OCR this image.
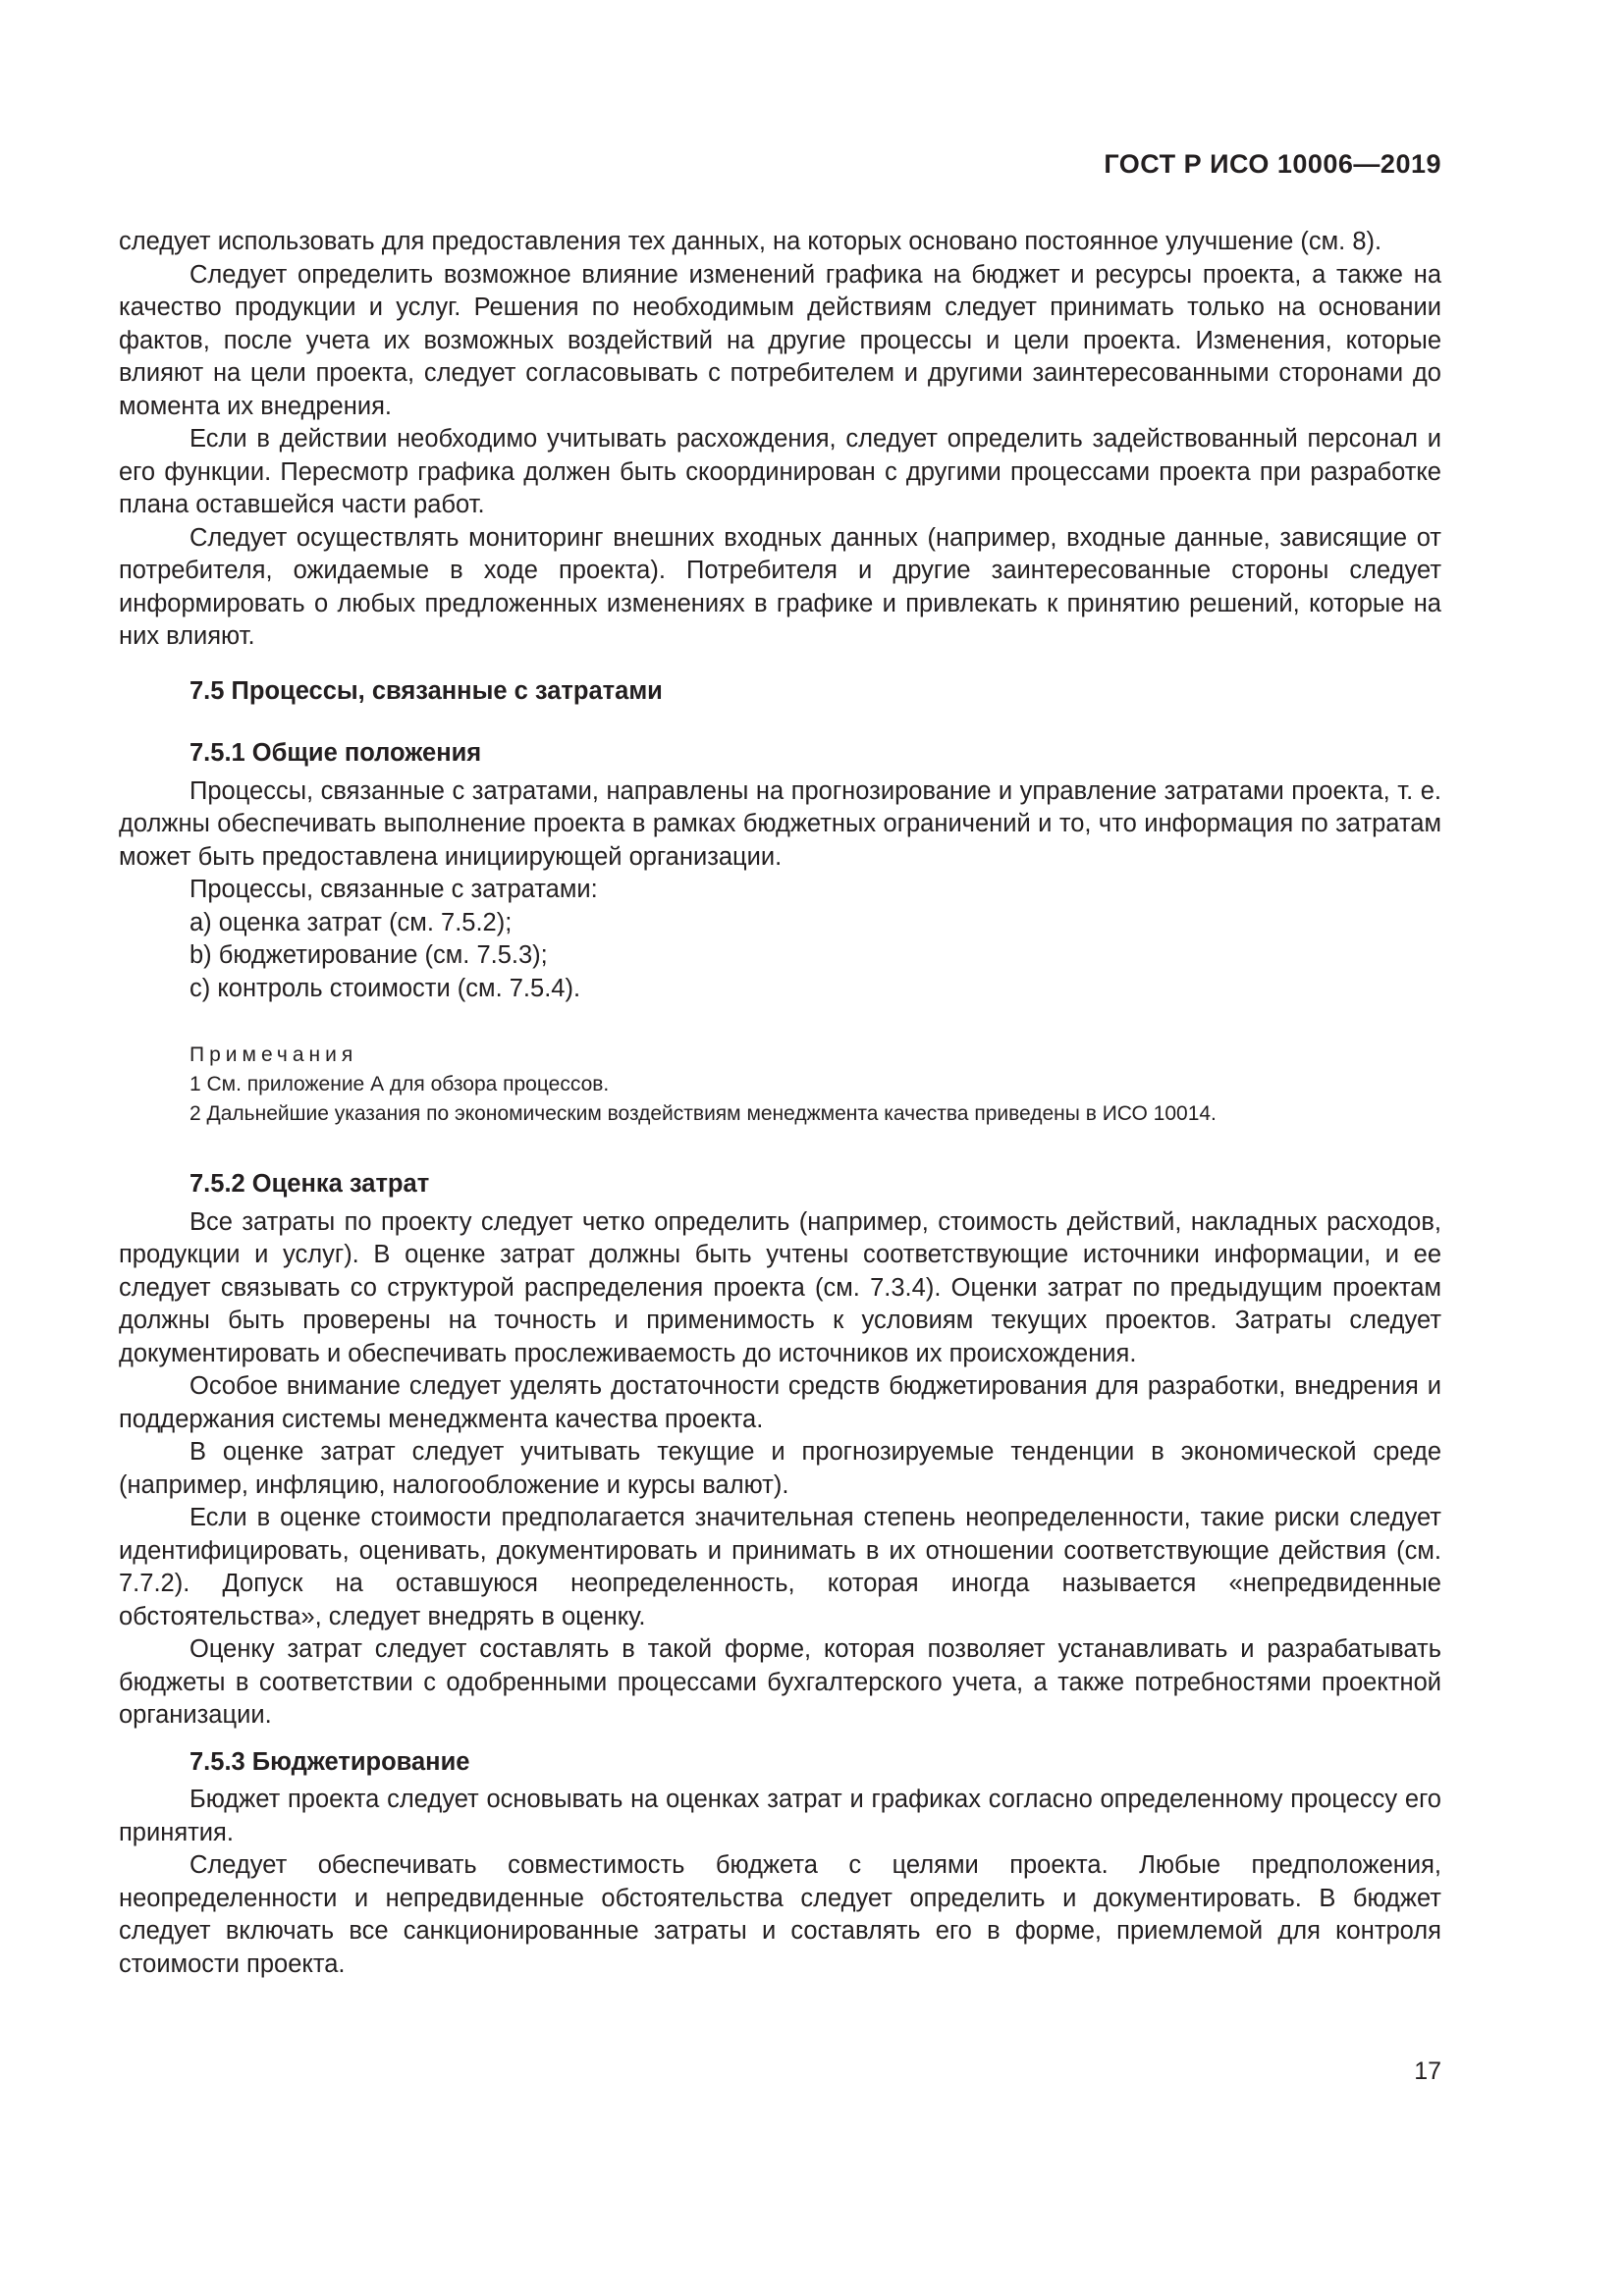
ГОСТ Р ИСО 10006—2019

следует использовать для предоставления тех данных, на которых основано постоянное улучшение (см. 8).

Следует определить возможное влияние изменений графика на бюджет и ресурсы проекта, а также на качество продукции и услуг. Решения по необходимым действиям следует принимать только на основании фактов, после учета их возможных воздействий на другие процессы и цели проекта. Изменения, которые влияют на цели проекта, следует согласовывать с потребителем и другими заинтересованными сторонами до момента их внедрения.

Если в действии необходимо учитывать расхождения, следует определить задействованный персонал и его функции. Пересмотр графика должен быть скоординирован с другими процессами проекта при разработке плана оставшейся части работ.

Следует осуществлять мониторинг внешних входных данных (например, входные данные, зависящие от потребителя, ожидаемые в ходе проекта). Потребителя и другие заинтересованные стороны следует информировать о любых предложенных изменениях в графике и привлекать к принятию решений, которые на них влияют.

7.5 Процессы, связанные с затратами
7.5.1 Общие положения

Процессы, связанные с затратами, направлены на прогнозирование и управление затратами проекта, т. е. должны обеспечивать выполнение проекта в рамках бюджетных ограничений и то, что информация по затратам может быть предоставлена инициирующей организации.

Процессы, связанные с затратами:

a) оценка затрат (см. 7.5.2);

b) бюджетирование (см. 7.5.3);

c) контроль стоимости (см. 7.5.4).

Примечания
1 См. приложение А для обзора процессов.
2 Дальнейшие указания по экономическим воздействиям менеджмента качества приведены в ИСО 10014.
7.5.2 Оценка затрат

Все затраты по проекту следует четко определить (например, стоимость действий, накладных расходов, продукции и услуг). В оценке затрат должны быть учтены соответствующие источники информации, и ее следует связывать со структурой распределения проекта (см. 7.3.4). Оценки затрат по предыдущим проектам должны быть проверены на точность и применимость к условиям текущих проектов. Затраты следует документировать и обеспечивать прослеживаемость до источников их происхождения.

Особое внимание следует уделять достаточности средств бюджетирования для разработки, внедрения и поддержания системы менеджмента качества проекта.

В оценке затрат следует учитывать текущие и прогнозируемые тенденции в экономической среде (например, инфляцию, налогообложение и курсы валют).

Если в оценке стоимости предполагается значительная степень неопределенности, такие риски следует идентифицировать, оценивать, документировать и принимать в их отношении соответствующие действия (см. 7.7.2). Допуск на оставшуюся неопределенность, которая иногда называется «непредвиденные обстоятельства», следует внедрять в оценку.

Оценку затрат следует составлять в такой форме, которая позволяет устанавливать и разрабатывать бюджеты в соответствии с одобренными процессами бухгалтерского учета, а также потребностями проектной организации.

7.5.3 Бюджетирование

Бюджет проекта следует основывать на оценках затрат и графиках согласно определенному процессу его принятия.

Следует обеспечивать совместимость бюджета с целями проекта. Любые предположения, неопределенности и непредвиденные обстоятельства следует определить и документировать. В бюджет следует включать все санкционированные затраты и составлять его в форме, приемлемой для контроля стоимости проекта.

17
